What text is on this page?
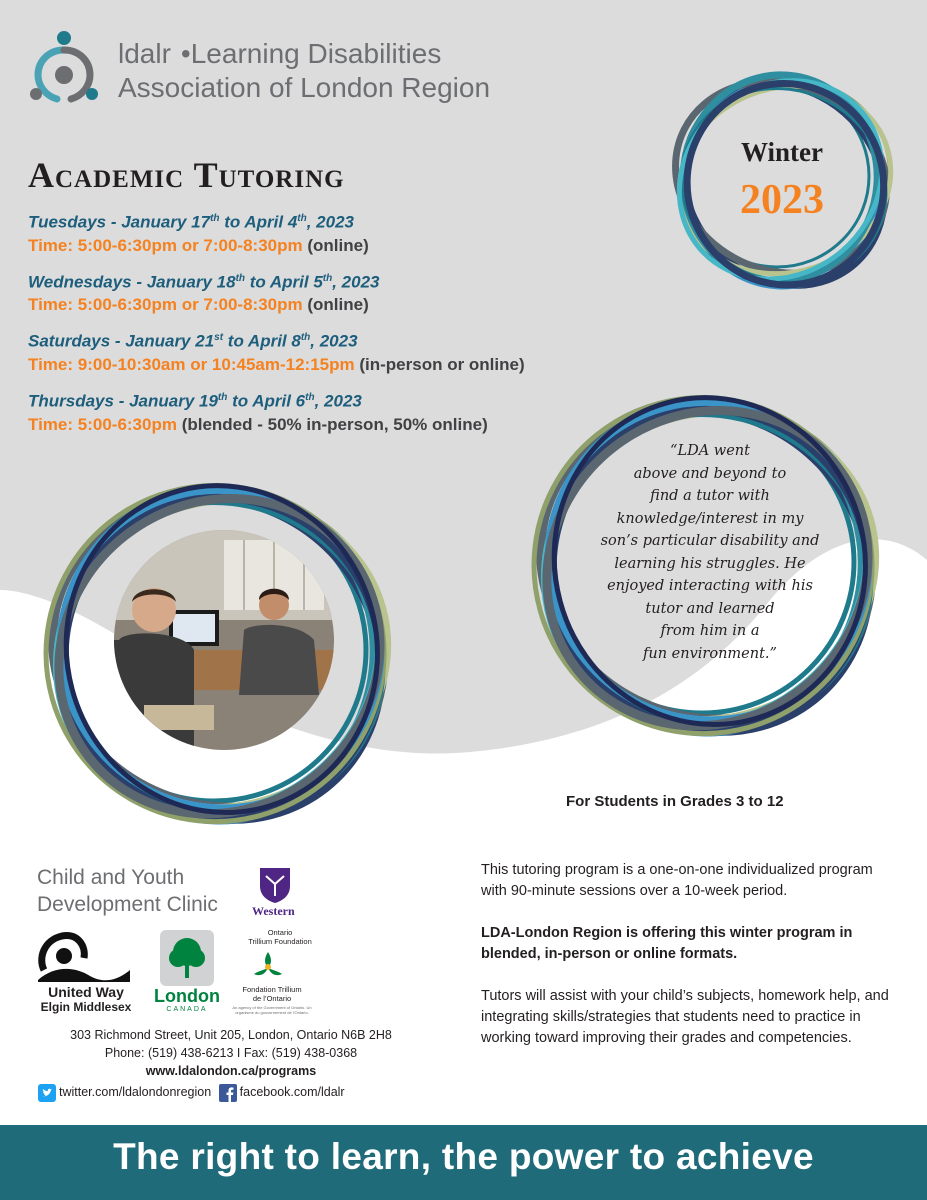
ldalr •Learning Disabilities
Association of London Region
Winter
2023
Academic Tutoring
Tuesdays - January 17th to April 4th, 2023
Time: 5:00-6:30pm or 7:00-8:30pm (online)
Wednesdays - January 18th to April 5th, 2023
Time: 5:00-6:30pm or 7:00-8:30pm (online)
Saturdays - January 21st to April 8th, 2023
Time: 9:00-10:30am or 10:45am-12:15pm (in-person or online)
Thursdays - January 19th to April 6th, 2023
Time: 5:00-6:30pm (blended - 50% in-person, 50% online)
“LDA went
above and beyond to
find a tutor with
knowledge/interest in my
son’s particular disability and
learning his struggles. He
enjoyed interacting with his
tutor and learned
from him in a
fun environment.”
For Students in Grades 3 to 12

This tutoring program is a one-on-one individualized program with 90-minute sessions over a 10-week period.

LDA-London Region is offering this winter program in blended, in-person or online formats.

Tutors will assist with your child’s subjects, homework help, and integrating skills/strategies that students need to practice in working toward improving their grades and competencies.

Child and Youth
Development Clinic	Western
United Way
Elgin Middlesex
London
CANADA
Ontario
Trillium Foundation
Fondation Trillium
de l’Ontario
An agency of the Government of Ontario. Un organisme du gouvernement de l’Ontario.
303 Richmond Street, Unit 205, London, Ontario N6B 2H8
Phone: (519) 438-6213 I Fax: (519) 438-0368
www.ldalondon.ca/programs
twitter.com/ldalondonregion facebook.com/ldalr
The right to learn, the power to achieve
